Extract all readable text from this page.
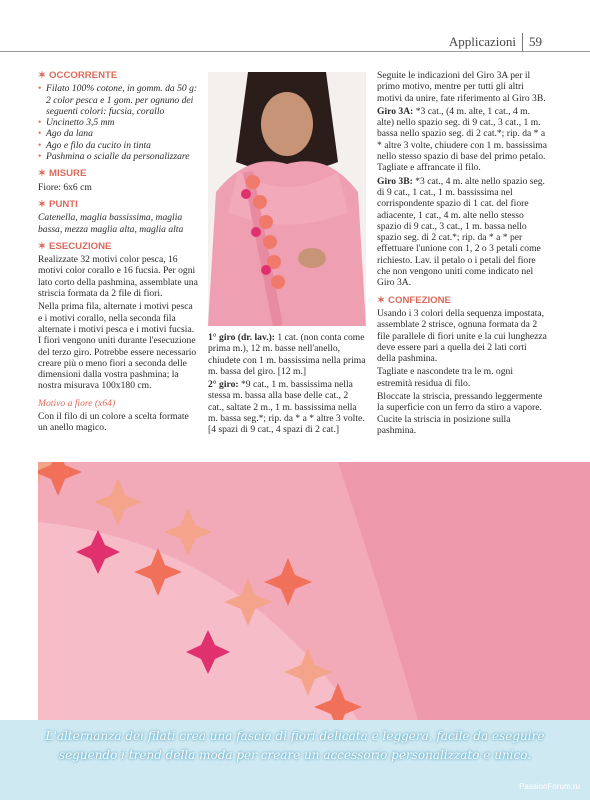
Applicazioni 59
✶ OCCORRENTE
• Filato 100% cotone, in gomm. da 50 g: 2 color pesca e 1 gom. per ognuno dei seguenti colori: fucsia, corallo
• Uncinetto 3,5 mm
• Ago da lana
• Ago e filo da cucito in tinta
• Pashmina o scialle da personalizzare
✶ MISURE

Fiore: 6x6 cm

✶ PUNTI

Catenella, maglia bassissima, maglia bassa, mezza maglia alta, maglia alta

✶ ESECUZIONE

Realizzate 32 motivi color pesca, 16 motivi color corallo e 16 fucsia. Per ogni lato corto della pashmina, assemblate una striscia formata da 2 file di fiori.

Nella prima fila, alternate i motivi pesca e i motivi corallo, nella seconda fila alternate i motivi pesca e i motivi fucsia. I fiori vengono uniti durante l'esecuzione del terzo giro. Potrebbe essere necessario creare più o meno fiori a seconda delle dimensioni dalla vostra pashmina; la nostra misurava 100x180 cm.

Motivo a fiore (x64)

Con il filo di un colore a scelta formate un anello magico.

1° giro (dr. lav.): 1 cat. (non conta come prima m.), 12 m. basse nell'anello, chiudete con 1 m. bassissima nella prima m. bassa del giro. [12 m.]

2° giro: *9 cat., 1 m. bassissima nella stessa m. bassa alla base delle cat., 2 cat., saltate 2 m., 1 m. bassissima nella m. bassa seg.*; rip. da * a * altre 3 volte. [4 spazi di 9 cat., 4 spazi di 2 cat.]

Seguite le indicazioni del Giro 3A per il primo motivo, mentre per tutti gli altri motivi da unire, fate riferimento al Giro 3B.

Giro 3A: *3 cat., (4 m. alte, 1 cat., 4 m. alte) nello spazio seg. di 9 cat., 3 cat., 1 m. bassa nello spazio seg. di 2 cat.*; rip. da * a * altre 3 volte, chiudere con 1 m. bassissima nello stesso spazio di base del primo petalo. Tagliate e affrancate il filo.

Giro 3B: *3 cat., 4 m. alte nello spazio seg. di 9 cat., 1 cat., 1 m. bassissima nel corrispondente spazio di 1 cat. del fiore adiacente, 1 cat., 4 m. alte nello stesso spazio di 9 cat., 3 cat., 1 m. bassa nello spazio seg. di 2 cat.*; rip. da * a * per effettuare l'unione con 1, 2 o 3 petali come richiesto. Lav. il petalo o i petali del fiore che non vengono uniti come indicato nel Giro 3A.

✶ CONFEZIONE

Usando i 3 colori della sequenza impostata, assemblate 2 strisce, ognuna formata da 2 file parallele di fiori unite e la cui lunghezza deve essere pari a quella dei 2 lati corti della pashmina.

Tagliate e nascondete tra le m. ogni estremità residua di filo.

Bloccate la striscia, pressando leggermente la superficie con un ferro da stiro a vapore. Cucite la striscia in posizione sulla pashmina.

L'alternanza dei filati crea una fascia di fiori delicata e leggera, facile da eseguire
seguendo i trend della moda per creare un accessorio personalizzato e unico.
PassionForum.ru
